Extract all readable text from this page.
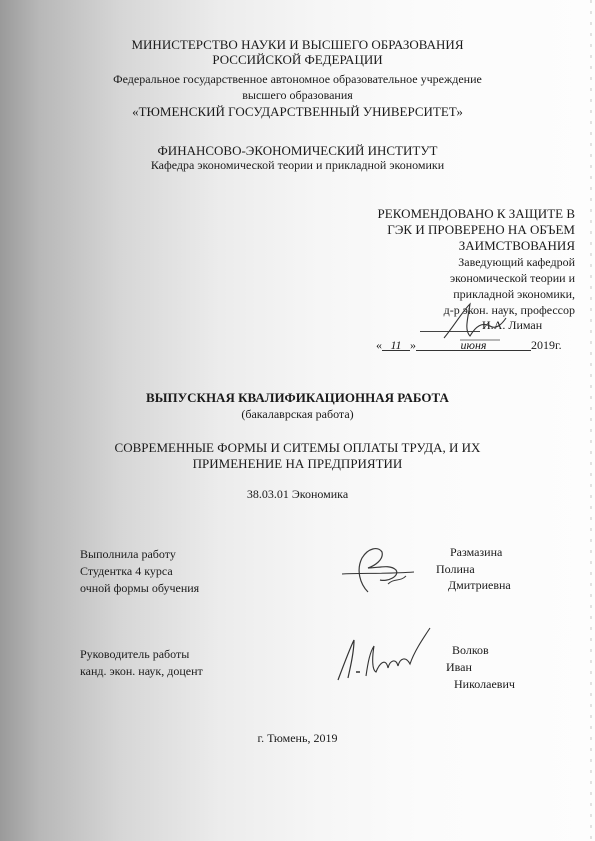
МИНИСТЕРСТВО НАУКИ И ВЫСШЕГО ОБРАЗОВАНИЯ
РОССИЙСКОЙ ФЕДЕРАЦИИ
Федеральное государственное автономное образовательное учреждение
высшего образования
«ТЮМЕНСКИЙ ГОСУДАРСТВЕННЫЙ УНИВЕРСИТЕТ»
ФИНАНСОВО-ЭКОНОМИЧЕСКИЙ ИНСТИТУТ
Кафедра экономической теории и прикладной экономики
РЕКОМЕНДОВАНО К ЗАЩИТЕ В
ГЭК И ПРОВЕРЕНО НА ОБЪЕМ
ЗАИМСТВОВАНИЯ
Заведующий кафедрой
экономической теории и
прикладной экономики,
д-р экон. наук, профессор
И.А. Лиман
« 11 »	июня	2019г.
ВЫПУСКНАЯ КВАЛИФИКАЦИОННАЯ РАБОТА
(бакалаврская работа)
СОВРЕМЕННЫЕ ФОРМЫ И СИТЕМЫ ОПЛАТЫ ТРУДА, И ИХ
ПРИМЕНЕНИЕ НА ПРЕДПРИЯТИИ
38.03.01 Экономика
Выполнила работу
Студентка 4 курса
очной формы обучения
Размазина
Полина
Дмитриевна
Руководитель работы
канд. экон. наук, доцент
Волков
Иван
Николаевич
г. Тюмень, 2019
